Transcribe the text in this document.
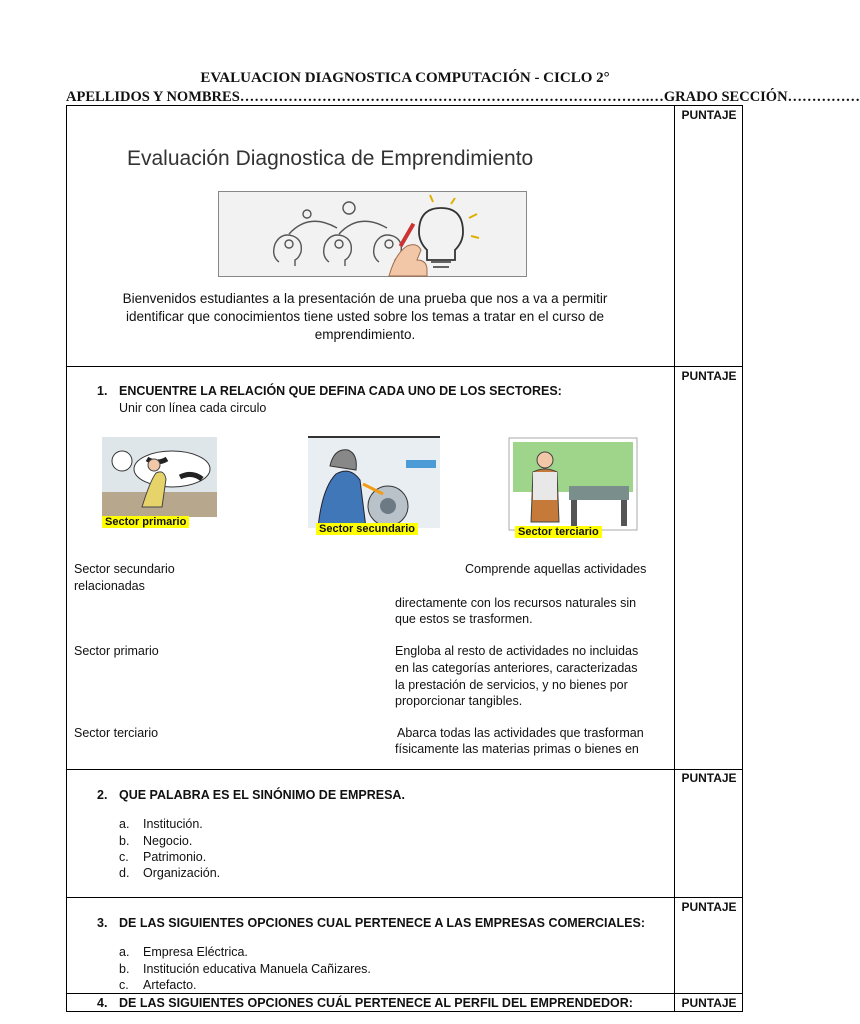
EVALUACION DIAGNOSTICA COMPUTACIÓN - CICLO 2°
APELLIDOS Y NOMBRES………………………………………………………………………….…GRADO SECCIÓN……………
PUNTAJE
PUNTAJE
PUNTAJE
PUNTAJE
PUNTAJE
Evaluación Diagnostica de Emprendimiento
Bienvenidos estudiantes a la presentación de una prueba que nos a va a permitir identificar que conocimientos tiene usted sobre los temas a tratar en el curso de emprendimiento.
1. ENCUENTRE LA RELACIÓN QUE DEFINA CADA UNO DE LOS SECTORES:
Unir con línea cada circulo
Sector primario
Sector secundario	Sector terciario
Sector secundario
relacionadas
Sector primario
Sector terciario
Comprende aquellas actividades
directamente con los recursos naturales sin
que estos se trasformen.
Engloba al resto de actividades no incluidas
en las categorías anteriores, caracterizadas
la prestación de servicios, y no bienes por
proporcionar tangibles.
Abarca todas las actividades que trasforman
físicamente las materias primas o bienes en
2. QUE PALABRA ES EL SINÓNIMO DE EMPRESA.
a. Institución.
b. Negocio.
c. Patrimonio.
d. Organización.
3. DE LAS SIGUIENTES OPCIONES CUAL PERTENECE A LAS EMPRESAS COMERCIALES:
a. Empresa Eléctrica.
b. Institución educativa Manuela Cañizares.
c. Artefacto.
4. DE LAS SIGUIENTES OPCIONES CUÁL PERTENECE AL PERFIL DEL EMPRENDEDOR:
